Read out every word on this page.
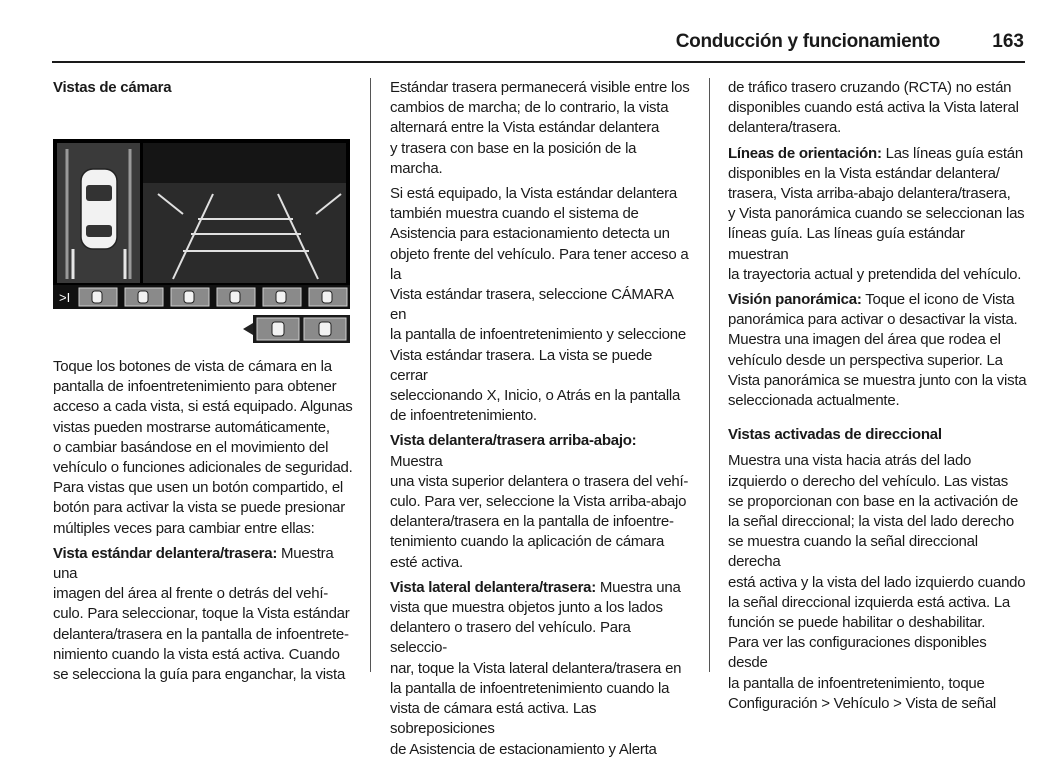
Conducción y funcionamiento	163
Vistas de cámara
>I

Toque los botones de vista de cámara en la
pantalla de infoentretenimiento para obtener
acceso a cada vista, si está equipado. Algunas
vistas pueden mostrarse automáticamente,
o cambiar basándose en el movimiento del
vehículo o funciones adicionales de seguridad.
Para vistas que usen un botón compartido, el
botón para activar la vista se puede presionar
múltiples veces para cambiar entre ellas:

Vista estándar delantera/trasera: Muestra una
imagen del área al frente o detrás del vehí-
culo. Para seleccionar, toque la Vista estándar
delantera/trasera en la pantalla de infoentrete-
nimiento cuando la vista está activa. Cuando
se selecciona la guía para enganchar, la vista

Estándar trasera permanecerá visible entre los
cambios de marcha; de lo contrario, la vista
alternará entre la Vista estándar delantera
y trasera con base en la posición de la marcha.

Si está equipado, la Vista estándar delantera
también muestra cuando el sistema de
Asistencia para estacionamiento detecta un
objeto frente del vehículo. Para tener acceso a la
Vista estándar trasera, seleccione CÁMARA en
la pantalla de infoentretenimiento y seleccione
Vista estándar trasera. La vista se puede cerrar
seleccionando X, Inicio, o Atrás en la pantalla
de infoentretenimiento.

Vista delantera/trasera arriba-abajo: Muestra
una vista superior delantera o trasera del vehí-
culo. Para ver, seleccione la Vista arriba-abajo
delantera/trasera en la pantalla de infoentre-
tenimiento cuando la aplicación de cámara
esté activa.

Vista lateral delantera/trasera: Muestra una
vista que muestra objetos junto a los lados
delantero o trasero del vehículo. Para seleccio-
nar, toque la Vista lateral delantera/trasera en
la pantalla de infoentretenimiento cuando la
vista de cámara está activa. Las sobreposiciones
de Asistencia de estacionamiento y Alerta

de tráfico trasero cruzando (RCTA) no están
disponibles cuando está activa la Vista lateral
delantera/trasera.

Líneas de orientación: Las líneas guía están
disponibles en la Vista estándar delantera/
trasera, Vista arriba-abajo delantera/trasera,
y Vista panorámica cuando se seleccionan las
líneas guía. Las líneas guía estándar muestran
la trayectoria actual y pretendida del vehículo.

Visión panorámica: Toque el icono de Vista
panorámica para activar o desactivar la vista.
Muestra una imagen del área que rodea el
vehículo desde un perspectiva superior. La
Vista panorámica se muestra junto con la vista
seleccionada actualmente.

Vistas activadas de direccional

Muestra una vista hacia atrás del lado
izquierdo o derecho del vehículo. Las vistas
se proporcionan con base en la activación de
la señal direccional; la vista del lado derecho
se muestra cuando la señal direccional derecha
está activa y la vista del lado izquierdo cuando
la señal direccional izquierda está activa. La
función se puede habilitar o deshabilitar.
Para ver las configuraciones disponibles desde
la pantalla de infoentretenimiento, toque
Configuración > Vehículo > Vista de señal
